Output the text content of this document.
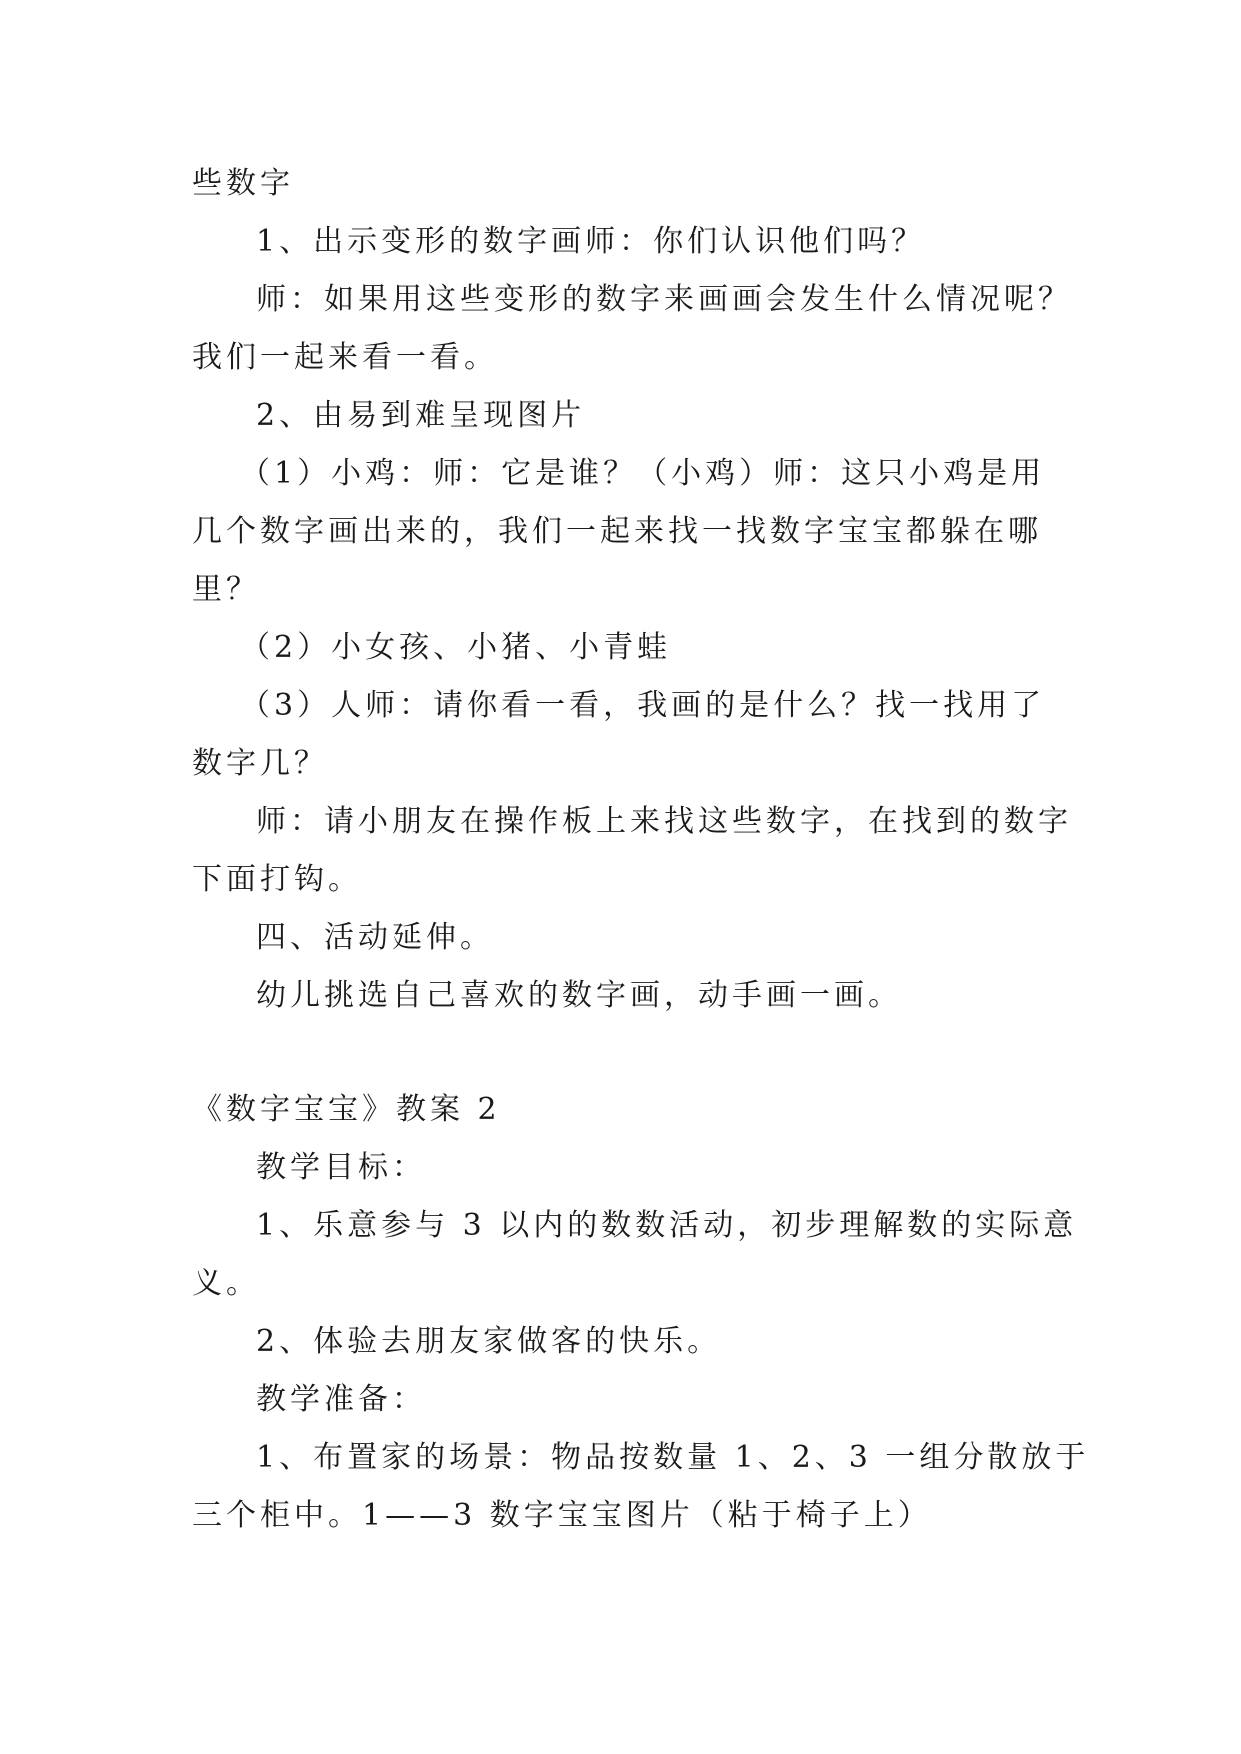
些数字
1、出示变形的数字画师：你们认识他们吗？
师：如果用这些变形的数字来画画会发生什么情况呢？
我们一起来看一看。
2、由易到难呈现图片
（1）小鸡：师：它是谁？（小鸡）师：这只小鸡是用
几个数字画出来的，我们一起来找一找数字宝宝都躲在哪
里？
（2）小女孩、小猪、小青蛙
（3）人师：请你看一看，我画的是什么？找一找用了
数字几？
师：请小朋友在操作板上来找这些数字，在找到的数字
下面打钩。
四、活动延伸。
幼儿挑选自己喜欢的数字画，动手画一画。
《数字宝宝》教案 2
教学目标：
1、乐意参与 3 以内的数数活动，初步理解数的实际意
义。
2、体验去朋友家做客的快乐。
教学准备：
1、布置家的场景：物品按数量 1、2、3 一组分散放于
三个柜中。1——3 数字宝宝图片（粘于椅子上）
